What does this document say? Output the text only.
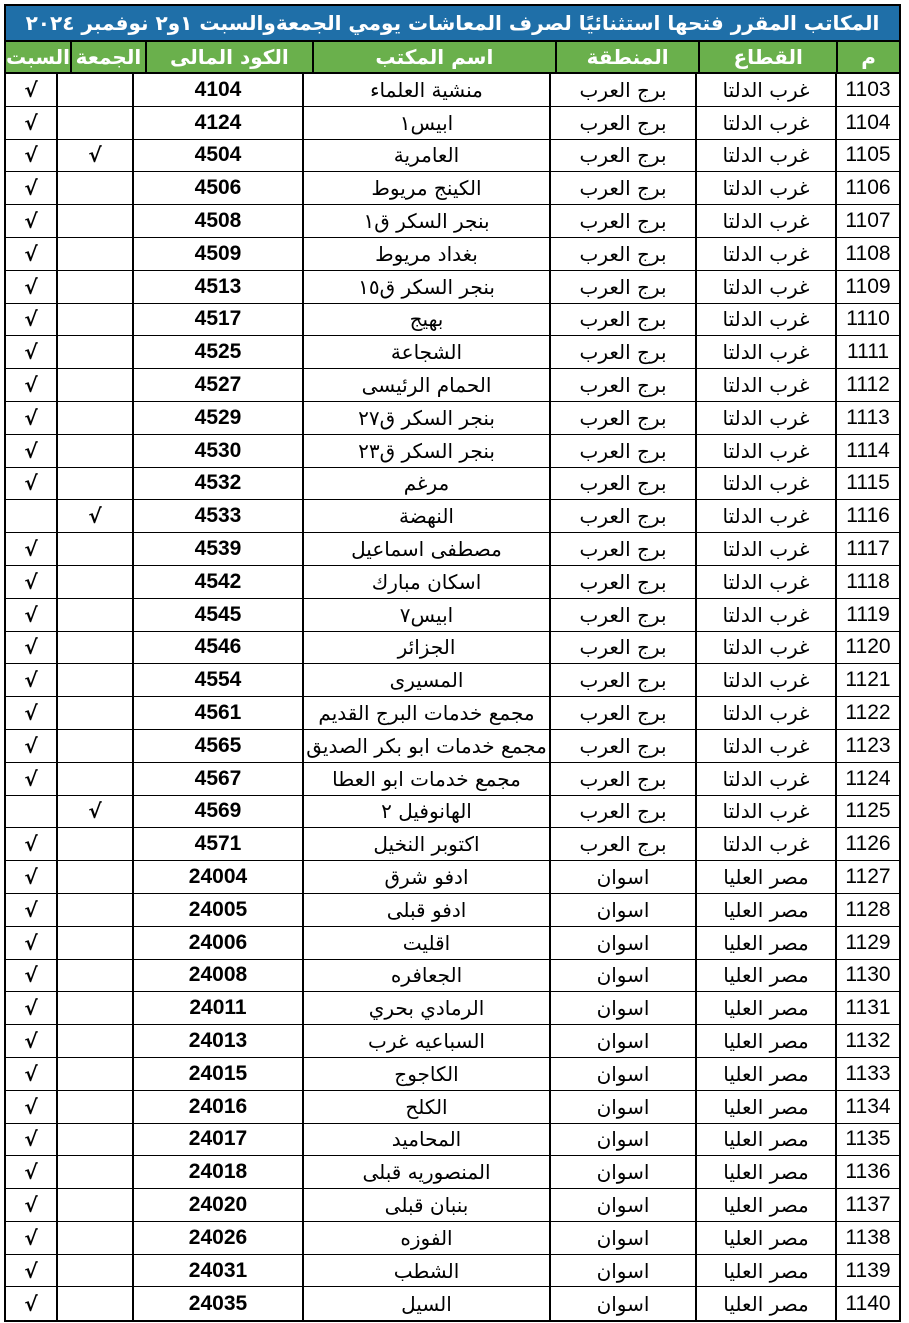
المكاتب المقرر فتحها استثنائيًا لصرف المعاشات يومي الجمعةوالسبت ١و٢ نوفمبر ٢٠٢٤
م
القطاع
المنطقة
اسم المكتب
الكود المالى
الجمعة
السبت
1103
غرب الدلتا
برج العرب
منشية العلماء
4104
√
1104
غرب الدلتا
برج العرب
ابيس١
4124
√
1105
غرب الدلتا
برج العرب
العامرية
4504
√
√
1106
غرب الدلتا
برج العرب
الكينج مريوط
4506
√
1107
غرب الدلتا
برج العرب
بنجر السكر ق١
4508
√
1108
غرب الدلتا
برج العرب
بغداد مريوط
4509
√
1109
غرب الدلتا
برج العرب
بنجر السكر ق١٥
4513
√
1110
غرب الدلتا
برج العرب
بهيج
4517
√
1111
غرب الدلتا
برج العرب
الشجاعة
4525
√
1112
غرب الدلتا
برج العرب
الحمام الرئيسى
4527
√
1113
غرب الدلتا
برج العرب
بنجر السكر ق٢٧
4529
√
1114
غرب الدلتا
برج العرب
بنجر السكر ق٢٣
4530
√
1115
غرب الدلتا
برج العرب
مرغم
4532
√
1116
غرب الدلتا
برج العرب
النهضة
4533
√
1117
غرب الدلتا
برج العرب
مصطفى اسماعيل
4539
√
1118
غرب الدلتا
برج العرب
اسكان مبارك
4542
√
1119
غرب الدلتا
برج العرب
ابيس٧
4545
√
1120
غرب الدلتا
برج العرب
الجزائر
4546
√
1121
غرب الدلتا
برج العرب
المسيرى
4554
√
1122
غرب الدلتا
برج العرب
مجمع خدمات البرج القديم
4561
√
1123
غرب الدلتا
برج العرب
مجمع خدمات ابو بكر الصديق
4565
√
1124
غرب الدلتا
برج العرب
مجمع خدمات ابو العطا
4567
√
1125
غرب الدلتا
برج العرب
الهانوفيل ٢
4569
√
1126
غرب الدلتا
برج العرب
اكتوبر النخيل
4571
√
1127
مصر العليا
اسوان
ادفو شرق
24004
√
1128
مصر العليا
اسوان
ادفو قبلى
24005
√
1129
مصر العليا
اسوان
اقليت
24006
√
1130
مصر العليا
اسوان
الجعافره
24008
√
1131
مصر العليا
اسوان
الرمادي بحري
24011
√
1132
مصر العليا
اسوان
السباعيه غرب
24013
√
1133
مصر العليا
اسوان
الكاجوج
24015
√
1134
مصر العليا
اسوان
الكلح
24016
√
1135
مصر العليا
اسوان
المحاميد
24017
√
1136
مصر العليا
اسوان
المنصوريه قبلى
24018
√
1137
مصر العليا
اسوان
بنبان قبلى
24020
√
1138
مصر العليا
اسوان
الفوزه
24026
√
1139
مصر العليا
اسوان
الشطب
24031
√
1140
مصر العليا
اسوان
السيل
24035
√
